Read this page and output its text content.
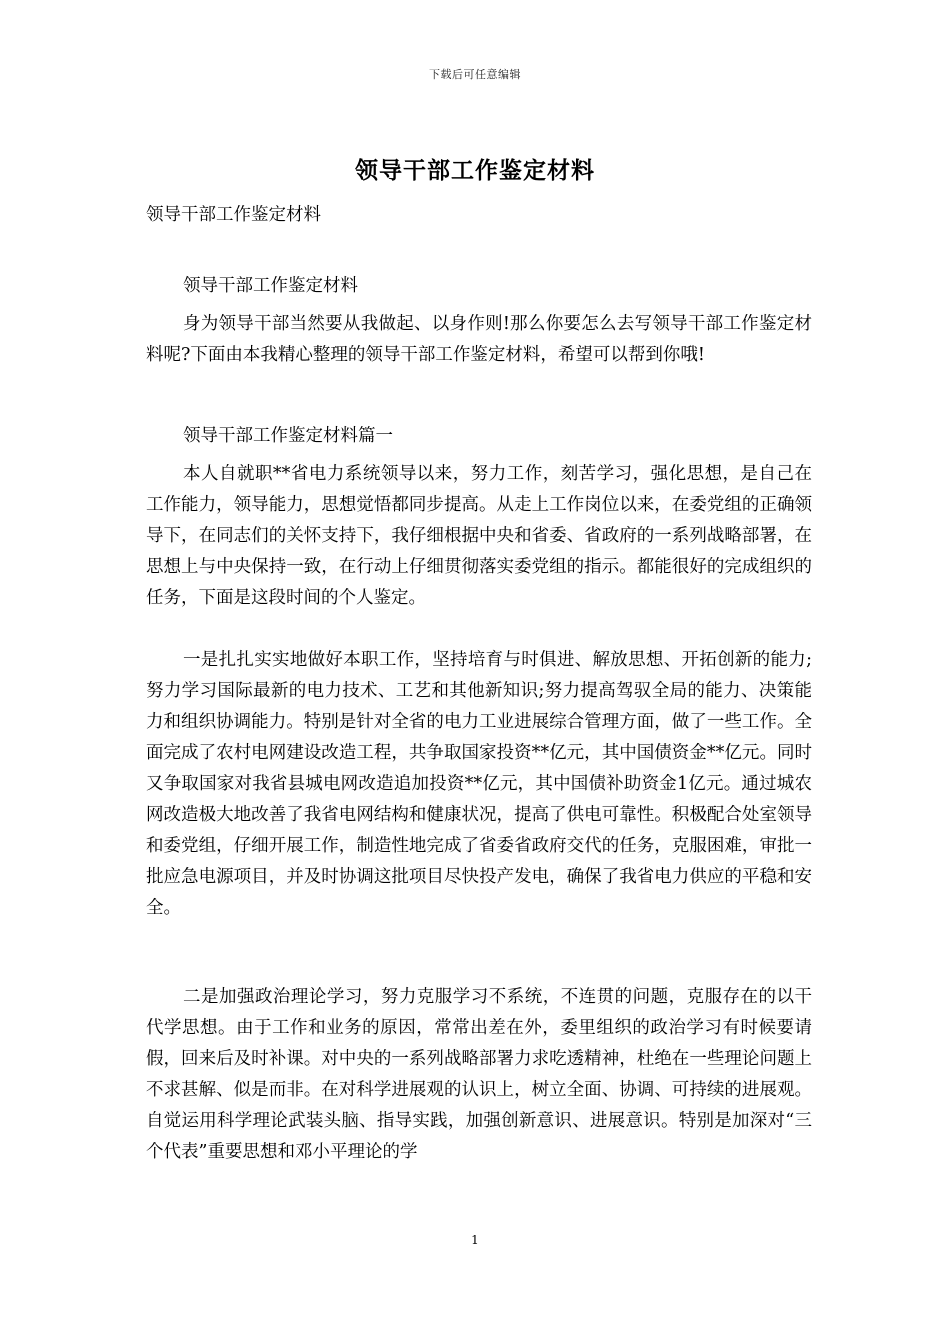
下载后可任意编辑
领导干部工作鉴定材料

领导干部工作鉴定材料

领导干部工作鉴定材料

身为领导干部当然要从我做起、以身作则!那么你要怎么去写领导干部工作鉴定材料呢?下面由本我精心整理的领导干部工作鉴定材料，希望可以帮到你哦!

领导干部工作鉴定材料篇一

本人自就职**省电力系统领导以来，努力工作，刻苦学习，强化思想，是自己在工作能力，领导能力，思想觉悟都同步提高。从走上工作岗位以来，在委党组的正确领导下，在同志们的关怀支持下，我仔细根据中央和省委、省政府的一系列战略部署，在思想上与中央保持一致，在行动上仔细贯彻落实委党组的指示。都能很好的完成组织的任务，下面是这段时间的个人鉴定。

一是扎扎实实地做好本职工作，坚持培育与时俱进、解放思想、开拓创新的能力;努力学习国际最新的电力技术、工艺和其他新知识;努力提高驾驭全局的能力、决策能力和组织协调能力。特别是针对全省的电力工业进展综合管理方面，做了一些工作。全面完成了农村电网建设改造工程，共争取国家投资**亿元，其中国债资金**亿元。同时又争取国家对我省县城电网改造追加投资**亿元，其中国债补助资金1亿元。通过城农网改造极大地改善了我省电网结构和健康状况，提高了供电可靠性。积极配合处室领导和委党组，仔细开展工作，制造性地完成了省委省政府交代的任务，克服困难，审批一批应急电源项目，并及时协调这批项目尽快投产发电，确保了我省电力供应的平稳和安全。

二是加强政治理论学习，努力克服学习不系统，不连贯的问题，克服存在的以干代学思想。由于工作和业务的原因，常常出差在外，委里组织的政治学习有时候要请假，回来后及时补课。对中央的一系列战略部署力求吃透精神，杜绝在一些理论问题上不求甚解、似是而非。在对科学进展观的认识上，树立全面、协调、可持续的进展观。自觉运用科学理论武装头脑、指导实践，加强创新意识、进展意识。特别是加深对“三个代表”重要思想和邓小平理论的学

1
